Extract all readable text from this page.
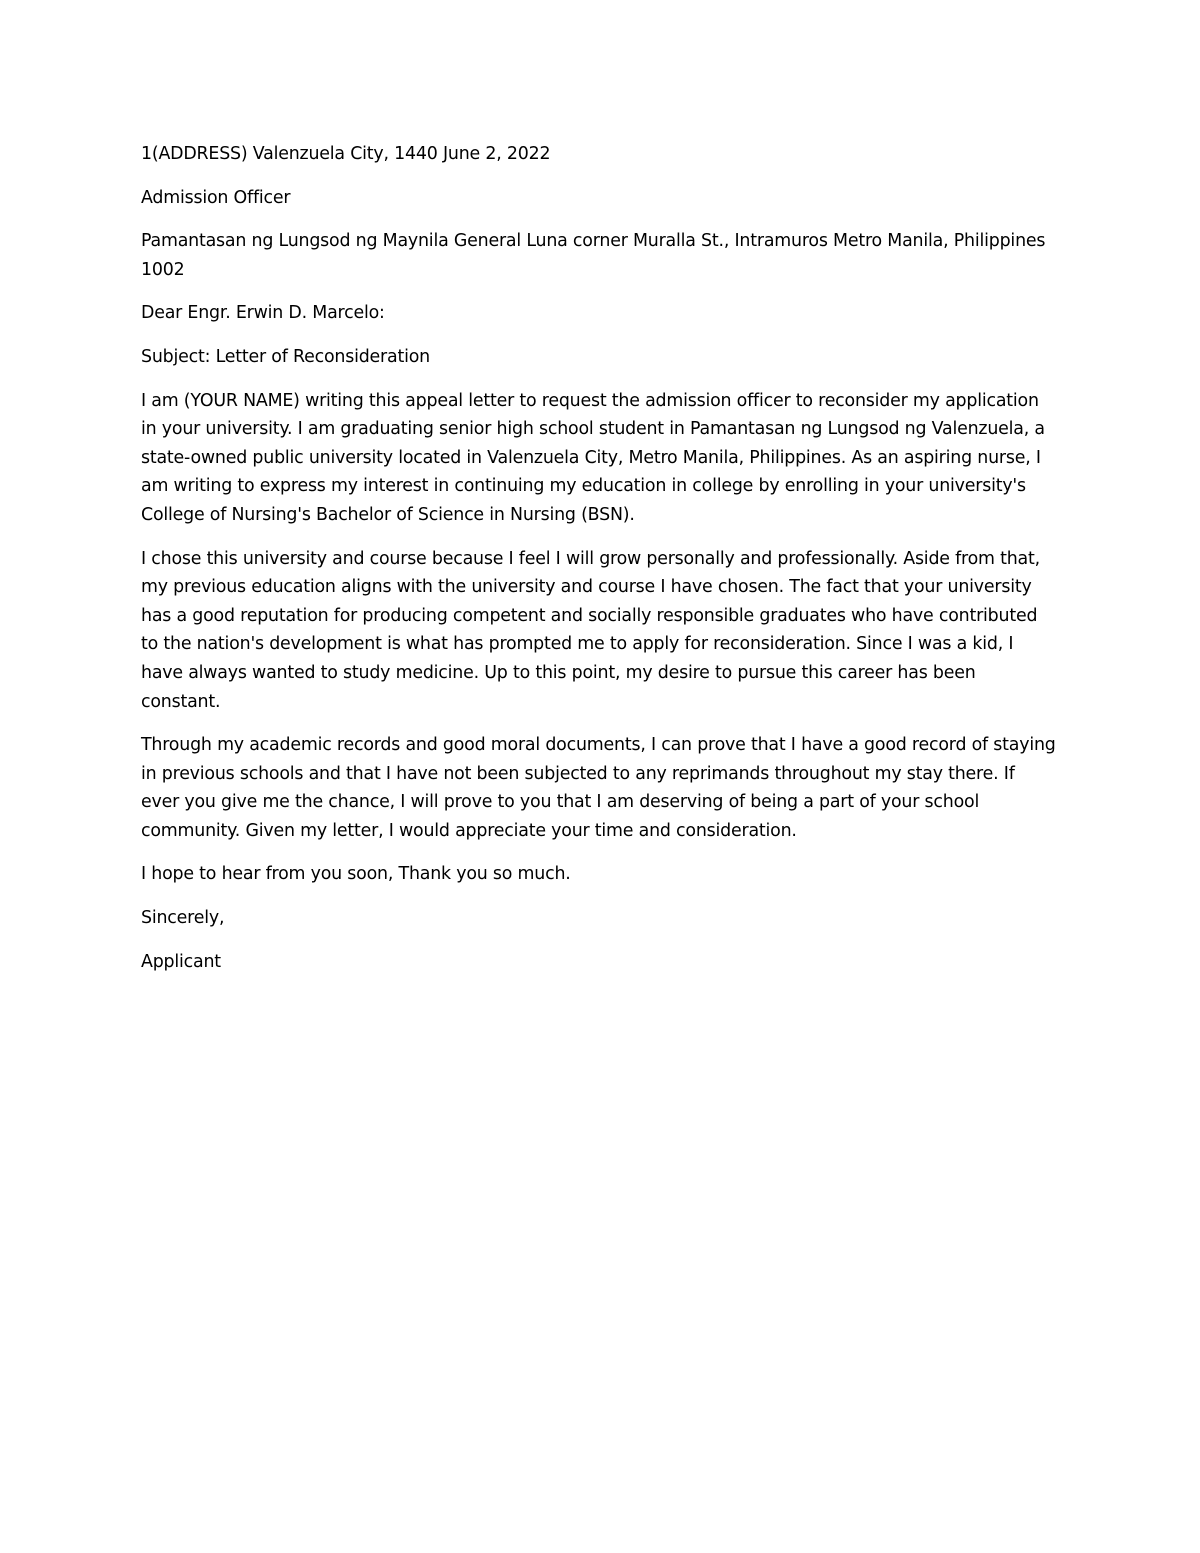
1(ADDRESS) Valenzuela City, 1440 June 2, 2022

Admission Officer

Pamantasan ng Lungsod ng Maynila General Luna corner Muralla St., Intramuros Metro Manila, Philippines 1002

Dear Engr. Erwin D. Marcelo:

Subject: Letter of Reconsideration

I am (YOUR NAME) writing this appeal letter to request the admission officer to reconsider my application in your university. I am graduating senior high school student in Pamantasan ng Lungsod ng Valenzuela, a state-owned public university located in Valenzuela City, Metro Manila, Philippines. As an aspiring nurse, I am writing to express my interest in continuing my education in college by enrolling in your university's College of Nursing's Bachelor of Science in Nursing (BSN).

I chose this university and course because I feel I will grow personally and professionally. Aside from that, my previous education aligns with the university and course I have chosen. The fact that your university has a good reputation for producing competent and socially responsible graduates who have contributed to the nation's development is what has prompted me to apply for reconsideration. Since I was a kid, I have always wanted to study medicine. Up to this point, my desire to pursue this career has been constant.

Through my academic records and good moral documents, I can prove that I have a good record of staying in previous schools and that I have not been subjected to any reprimands throughout my stay there. If ever you give me the chance, I will prove to you that I am deserving of being a part of your school community. Given my letter, I would appreciate your time and consideration.

I hope to hear from you soon, Thank you so much.

Sincerely,

Applicant
